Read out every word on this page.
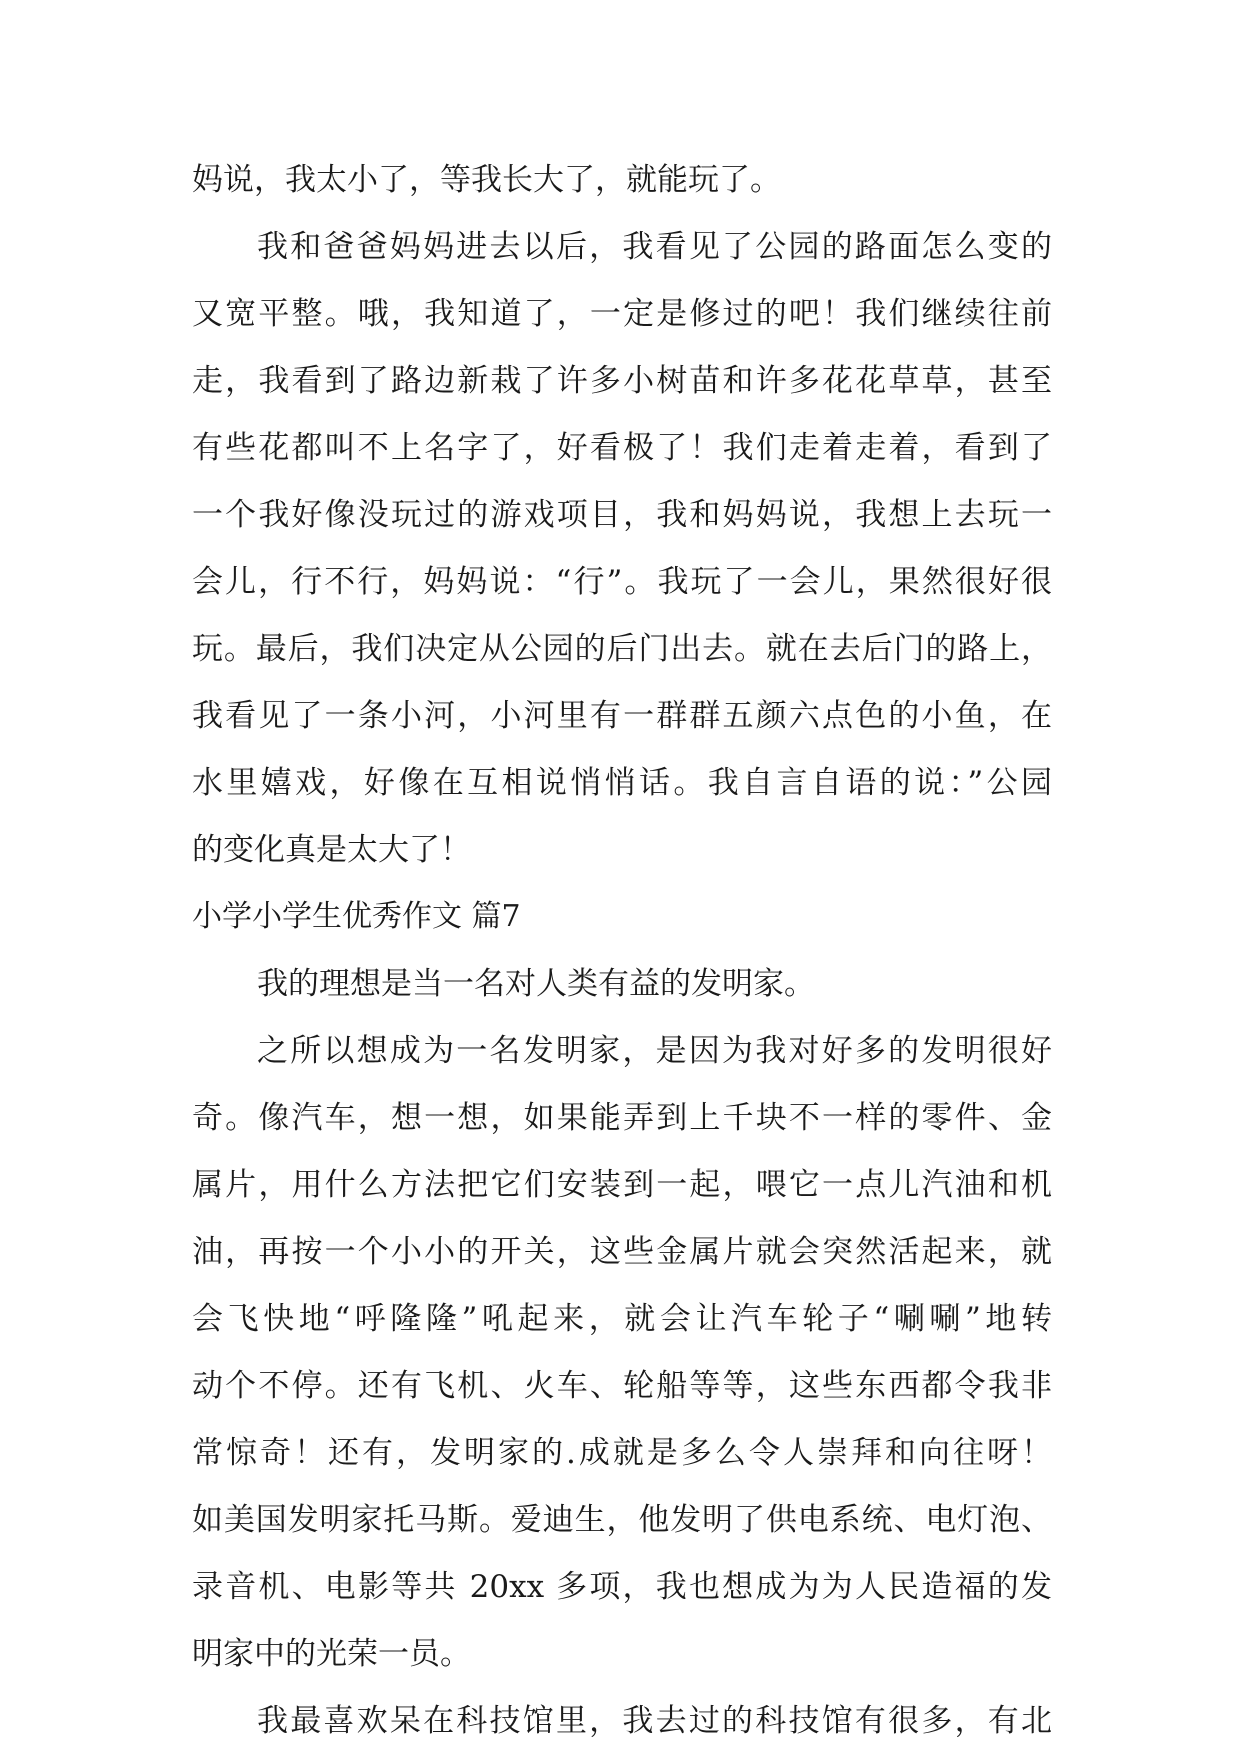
妈说，我太小了，等我长大了，就能玩了。
我和爸爸妈妈进去以后，我看见了公园的路面怎么变的
又宽平整。哦，我知道了，一定是修过的吧！我们继续往前
走，我看到了路边新栽了许多小树苗和许多花花草草，甚至
有些花都叫不上名字了，好看极了！我们走着走着，看到了
一个我好像没玩过的游戏项目，我和妈妈说，我想上去玩一
会儿，行不行，妈妈说：“行”。我玩了一会儿，果然很好很
玩。最后，我们决定从公园的后门出去。就在去后门的路上，
我看见了一条小河，小河里有一群群五颜六点色的小鱼，在
水里嬉戏，好像在互相说悄悄话。我自言自语的说：”公园
的变化真是太大了！
小学小学生优秀作文 篇7
我的理想是当一名对人类有益的发明家。
之所以想成为一名发明家，是因为我对好多的发明很好
奇。像汽车，想一想，如果能弄到上千块不一样的零件、金
属片，用什么方法把它们安装到一起，喂它一点儿汽油和机
油，再按一个小小的开关，这些金属片就会突然活起来，就
会飞快地“呼隆隆”吼起来，就会让汽车轮子“唰唰”地转
动个不停。还有飞机、火车、轮船等等，这些东西都令我非
常惊奇！还有，发明家的.成就是多么令人崇拜和向往呀！
如美国发明家托马斯。爱迪生，他发明了供电系统、电灯泡、
录音机、电影等共 20xx 多项，我也想成为为人民造福的发
明家中的光荣一员。
我最喜欢呆在科技馆里，我去过的科技馆有很多，有北
